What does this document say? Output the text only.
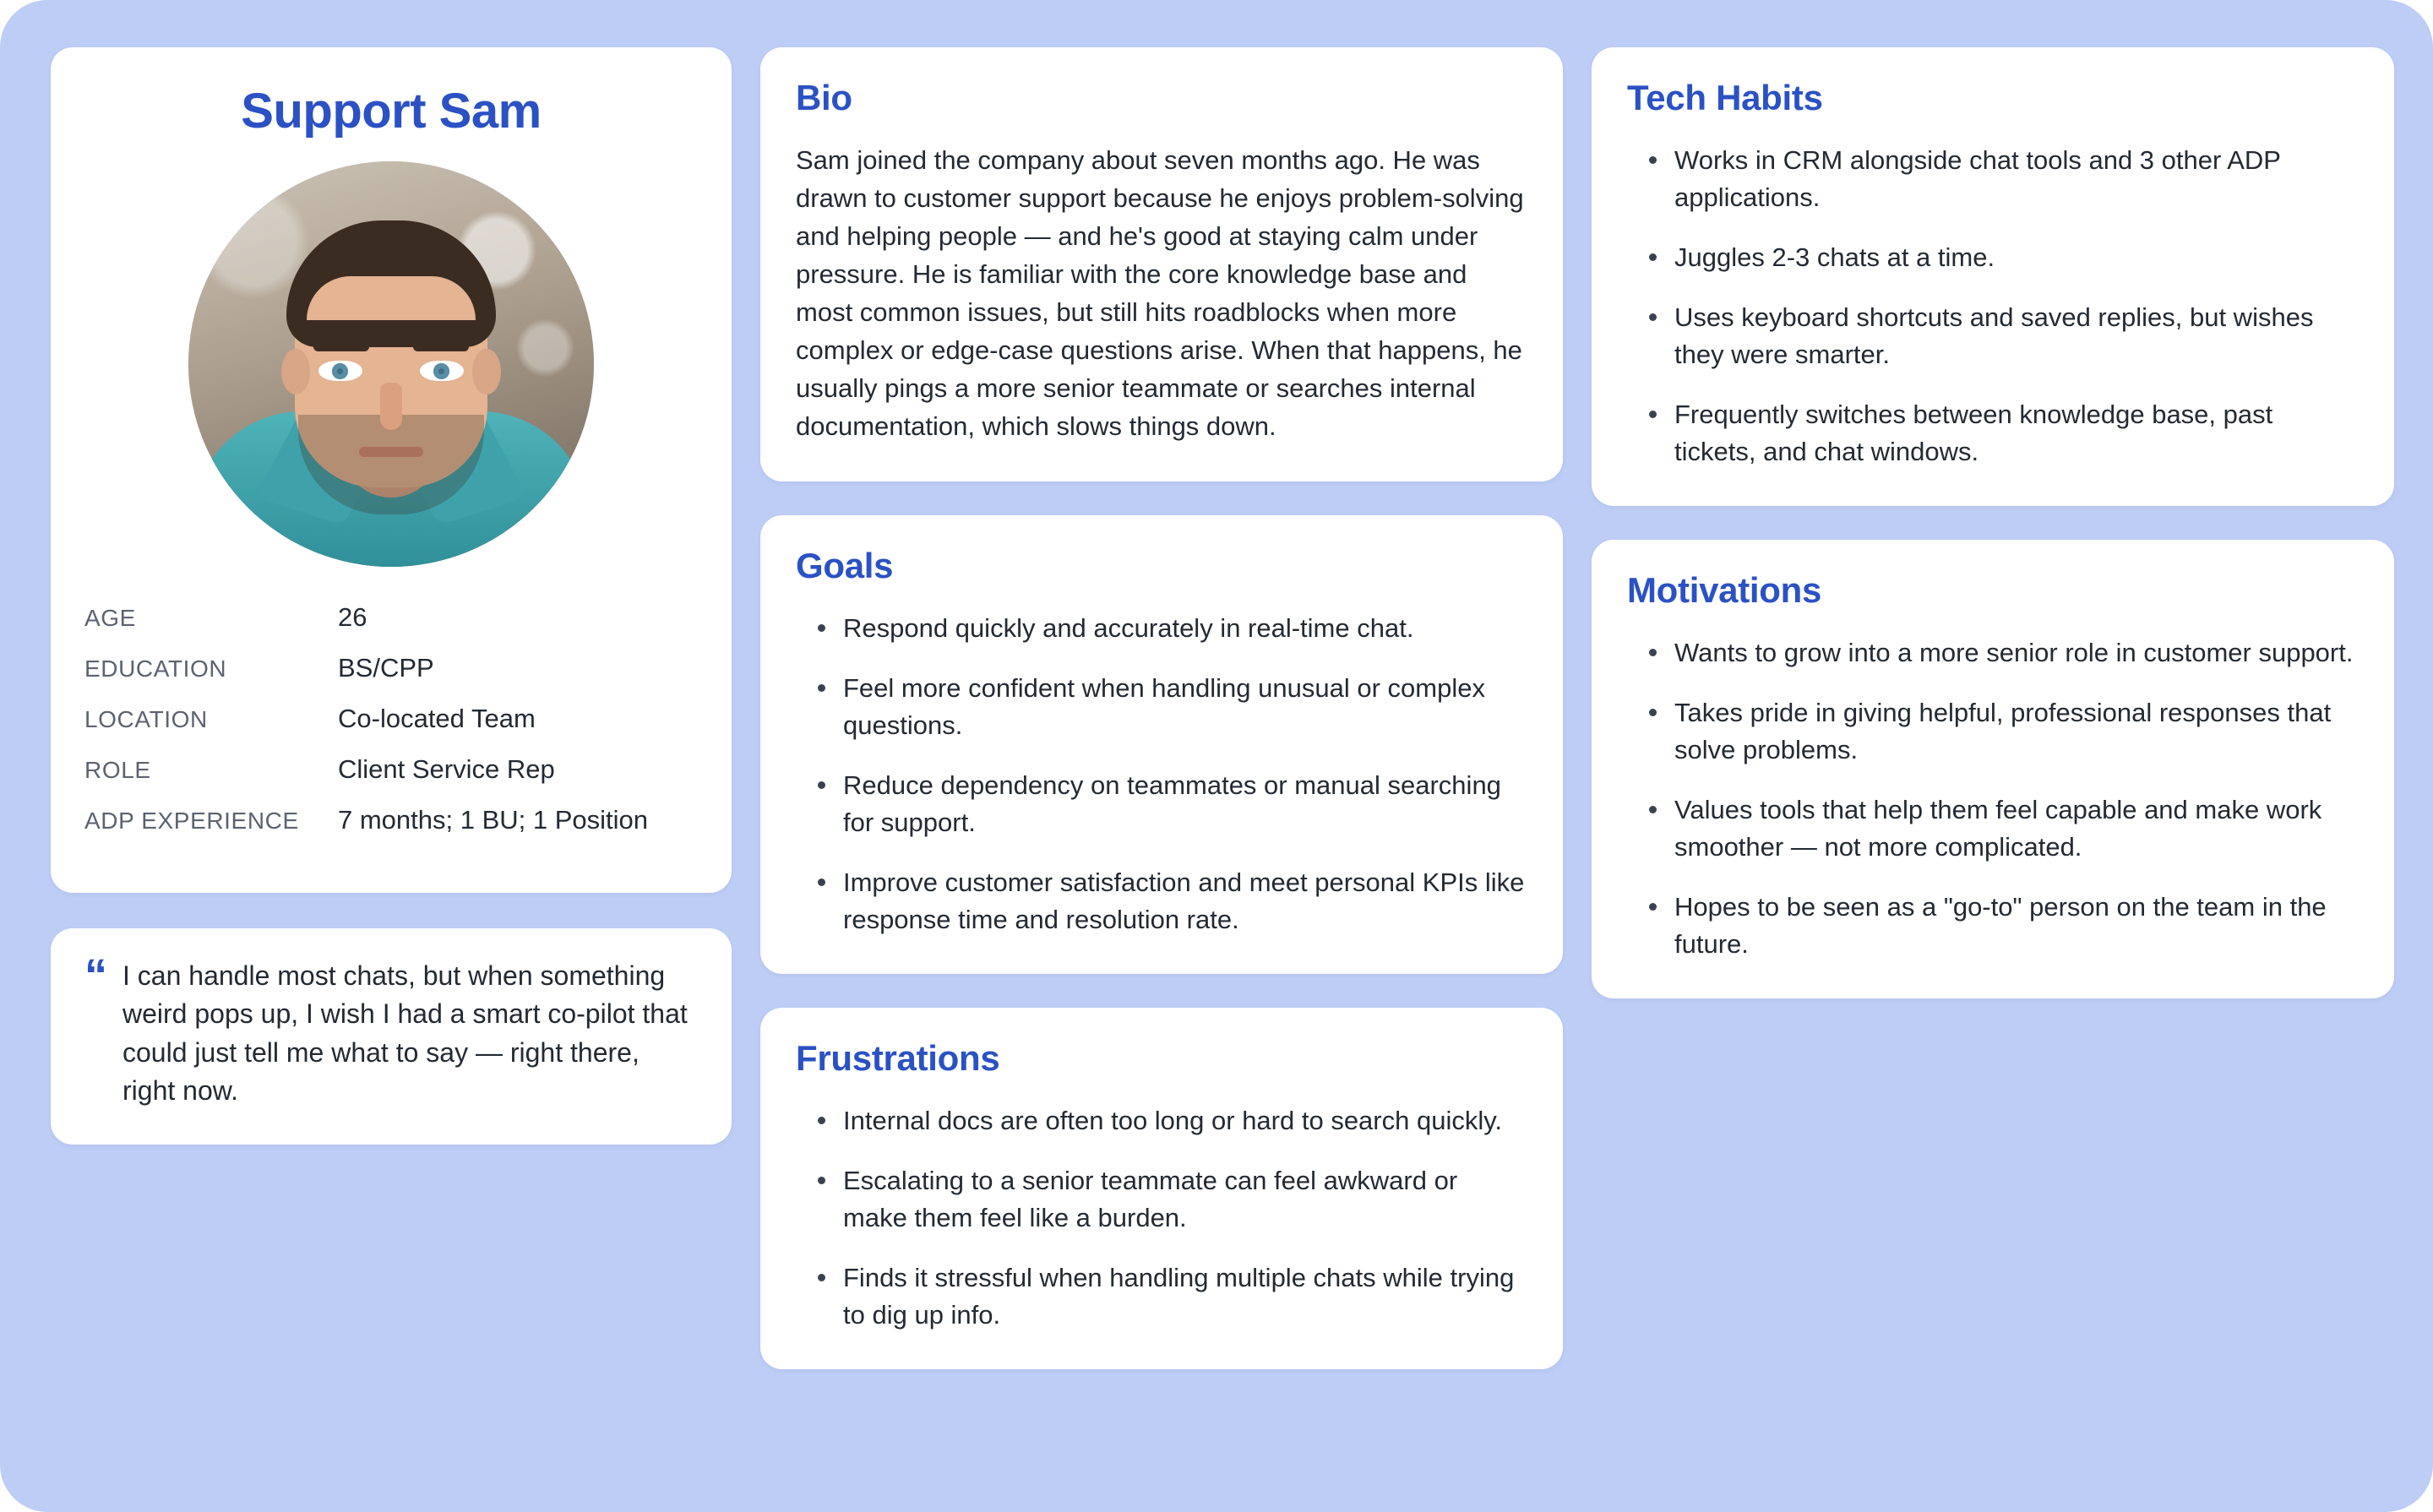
Support Sam
AGE	26
EDUCATION	BS/CPP
LOCATION	Co-located Team
ROLE	Client Service Rep
ADP EXPERIENCE	7 months; 1 BU; 1 Position
“ I can handle most chats, but when something weird pops up, I wish I had a smart co-pilot that could just tell me what to say — right there, right now.
Bio
Sam joined the company about seven months ago. He was drawn to customer support because he enjoys problem-solving and helping people — and he's good at staying calm under pressure. He is familiar with the core knowledge base and most common issues, but still hits roadblocks when more complex or edge-case questions arise. When that happens, he usually pings a more senior teammate or searches internal documentation, which slows things down.
Goals
Respond quickly and accurately in real-time chat.
Feel more confident when handling unusual or complex questions.
Reduce dependency on teammates or manual searching for support.
Improve customer satisfaction and meet personal KPIs like response time and resolution rate.
Frustrations
Internal docs are often too long or hard to search quickly.
Escalating to a senior teammate can feel awkward or make them feel like a burden.
Finds it stressful when handling multiple chats while trying to dig up info.
Tech Habits
Works in CRM alongside chat tools and 3 other ADP applications.
Juggles 2-3 chats at a time.
Uses keyboard shortcuts and saved replies, but wishes they were smarter.
Frequently switches between knowledge base, past tickets, and chat windows.
Motivations
Wants to grow into a more senior role in customer support.
Takes pride in giving helpful, professional responses that solve problems.
Values tools that help them feel capable and make work smoother — not more complicated.
Hopes to be seen as a "go-to" person on the team in the future.
